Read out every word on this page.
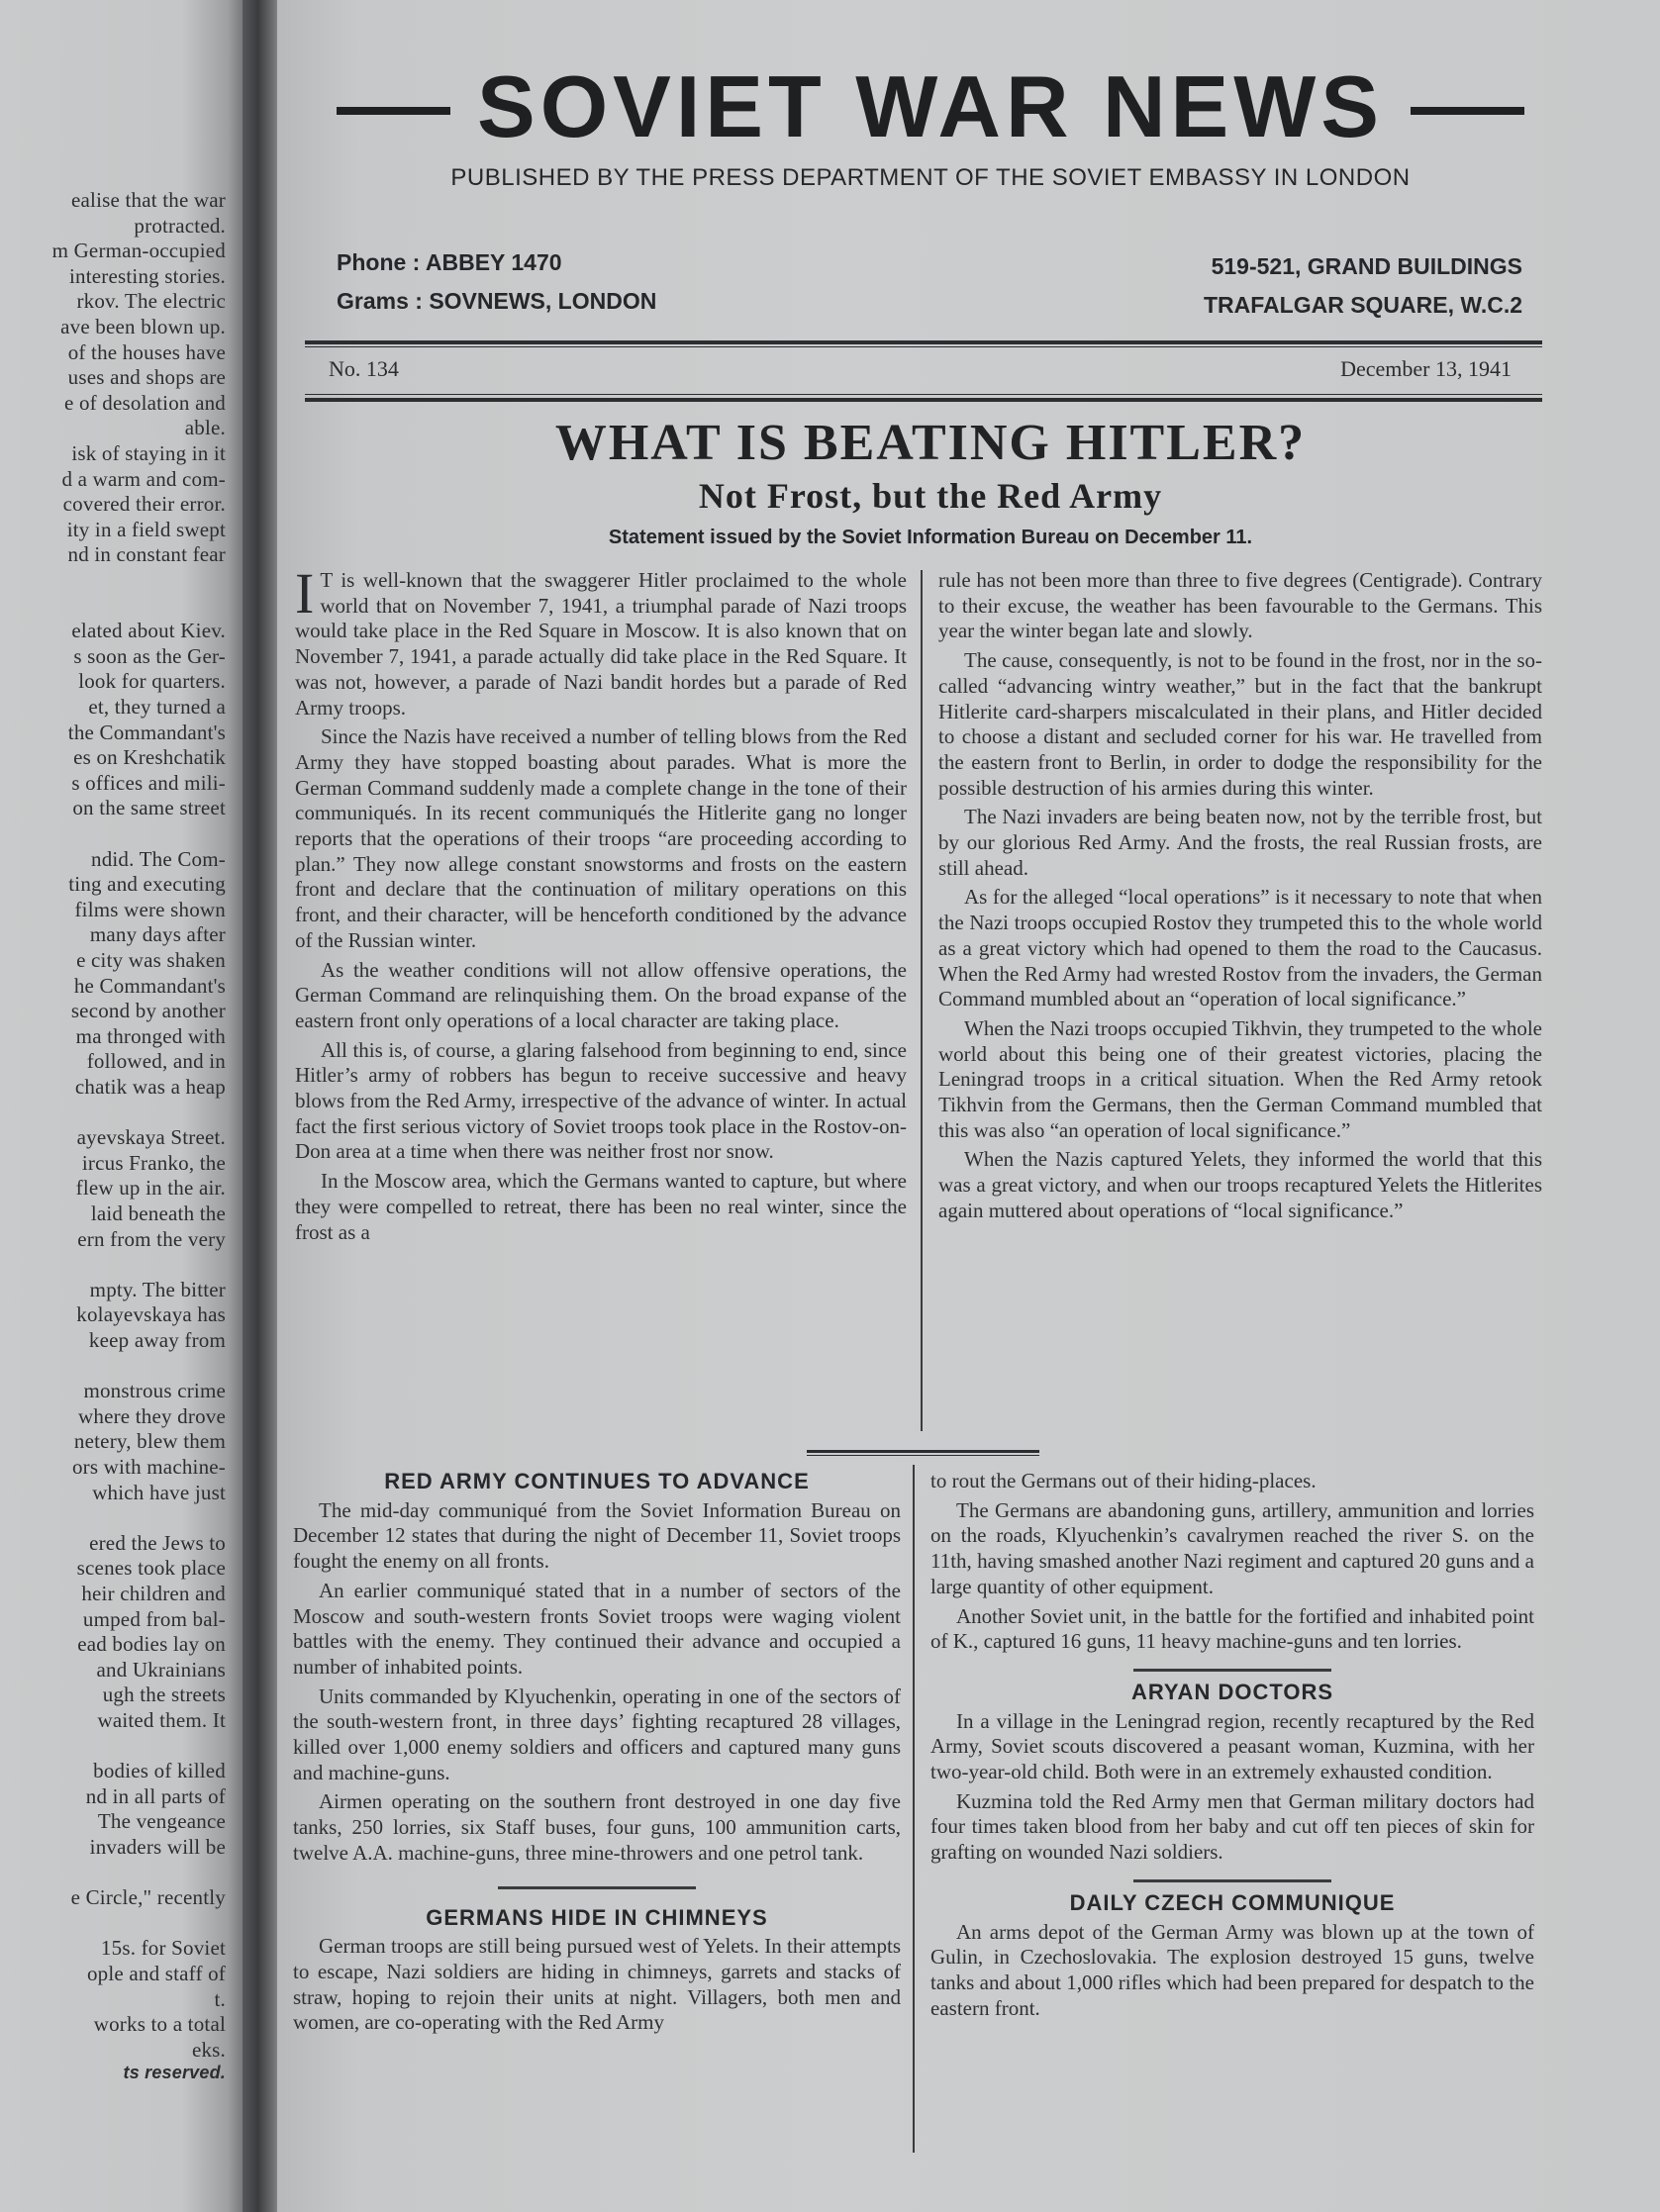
ealise that the war
protracted.
m German-occupied
interesting stories.
rkov. The electric
ave been blown up.
of the houses have
uses and shops are
e of desolation and
able.
isk of staying in it
d a warm and com-
covered their error.
ity in a field swept
nd in constant fear
elated about Kiev.
s soon as the Ger-
look for quarters.
et, they turned a
the Commandant's
es on Kreshchatik
s offices and mili-
on the same street
ndid. The Com-
ting and executing
films were shown
many days after
e city was shaken
he Commandant's
second by another
ma thronged with
followed, and in
chatik was a heap
ayevskaya Street.
ircus Franko, the
flew up in the air.
laid beneath the
ern from the very
mpty. The bitter
kolayevskaya has
keep away from
monstrous crime
where they drove
netery, blew them
ors with machine-
which have just
ered the Jews to
scenes took place
heir children and
umped from bal-
ead bodies lay on
and Ukrainians
ugh the streets
waited them. It
bodies of killed
nd in all parts of
The vengeance
invaders will be
e Circle," recently
15s. for Soviet
ople and staff of
t.
works to a total
eks.
ts reserved.
SOVIET WAR NEWS
PUBLISHED BY THE PRESS DEPARTMENT OF THE SOVIET EMBASSY IN LONDON
Phone : ABBEY 1470
Grams : SOVNEWS, LONDON
519-521, GRAND BUILDINGS
TRAFALGAR SQUARE, W.C.2
No. 134	December 13, 1941
WHAT IS BEATING HITLER?
Not Frost, but the Red Army
Statement issued by the Soviet Information Bureau on December 11.

I T is well-known that the swaggerer Hitler proclaimed to the whole world that on November 7, 1941, a triumphal parade of Nazi troops would take place in the Red Square in Moscow. It is also known that on November 7, 1941, a parade actually did take place in the Red Square. It was not, however, a parade of Nazi bandit hordes but a parade of Red Army troops.

Since the Nazis have received a number of telling blows from the Red Army they have stopped boasting about parades. What is more the German Command suddenly made a complete change in the tone of their communiqués. In its recent communiqués the Hitlerite gang no longer reports that the operations of their troops “are proceeding according to plan.” They now allege constant snowstorms and frosts on the eastern front and declare that the continuation of military operations on this front, and their character, will be henceforth conditioned by the advance of the Russian winter.

As the weather conditions will not allow offensive operations, the German Command are relinquishing them. On the broad expanse of the eastern front only operations of a local character are taking place.

All this is, of course, a glaring falsehood from beginning to end, since Hitler’s army of robbers has begun to receive successive and heavy blows from the Red Army, irrespective of the advance of winter. In actual fact the first serious victory of Soviet troops took place in the Rostov-on-Don area at a time when there was neither frost nor snow.

In the Moscow area, which the Germans wanted to capture, but where they were compelled to retreat, there has been no real winter, since the frost as a

rule has not been more than three to five degrees (Centigrade). Contrary to their excuse, the weather has been favourable to the Germans. This year the winter began late and slowly.

The cause, consequently, is not to be found in the frost, nor in the so-called “advancing wintry weather,” but in the fact that the bankrupt Hitlerite card-sharpers miscalculated in their plans, and Hitler decided to choose a distant and secluded corner for his war. He travelled from the eastern front to Berlin, in order to dodge the responsibility for the possible destruction of his armies during this winter.

The Nazi invaders are being beaten now, not by the terrible frost, but by our glorious Red Army. And the frosts, the real Russian frosts, are still ahead.

As for the alleged “local operations” is it necessary to note that when the Nazi troops occupied Rostov they trumpeted this to the whole world as a great victory which had opened to them the road to the Caucasus. When the Red Army had wrested Rostov from the invaders, the German Command mumbled about an “operation of local significance.”

When the Nazi troops occupied Tikhvin, they trumpeted to the whole world about this being one of their greatest victories, placing the Leningrad troops in a critical situation. When the Red Army retook Tikhvin from the Germans, then the German Command mumbled that this was also “an operation of local significance.”

When the Nazis captured Yelets, they informed the world that this was a great victory, and when our troops recaptured Yelets the Hitlerites again muttered about operations of “local significance.”

RED ARMY CONTINUES TO ADVANCE

The mid-day communiqué from the Soviet Information Bureau on December 12 states that during the night of December 11, Soviet troops fought the enemy on all fronts.

An earlier communiqué stated that in a number of sectors of the Moscow and south-western fronts Soviet troops were waging violent battles with the enemy. They continued their advance and occupied a number of inhabited points.

Units commanded by Klyuchenkin, operating in one of the sectors of the south-western front, in three days’ fighting recaptured 28 villages, killed over 1,000 enemy soldiers and officers and captured many guns and machine-guns.

Airmen operating on the southern front destroyed in one day five tanks, 250 lorries, six Staff buses, four guns, 100 ammunition carts, twelve A.A. machine-guns, three mine-throwers and one petrol tank.

GERMANS HIDE IN CHIMNEYS

German troops are still being pursued west of Yelets. In their attempts to escape, Nazi soldiers are hiding in chimneys, garrets and stacks of straw, hoping to rejoin their units at night. Villagers, both men and women, are co-operating with the Red Army

to rout the Germans out of their hiding-places.

The Germans are abandoning guns, artillery, ammunition and lorries on the roads, Klyuchenkin’s cavalrymen reached the river S. on the 11th, having smashed another Nazi regiment and captured 20 guns and a large quantity of other equipment.

Another Soviet unit, in the battle for the fortified and inhabited point of K., captured 16 guns, 11 heavy machine-guns and ten lorries.

ARYAN DOCTORS

In a village in the Leningrad region, recently recaptured by the Red Army, Soviet scouts discovered a peasant woman, Kuzmina, with her two-year-old child. Both were in an extremely exhausted condition.

Kuzmina told the Red Army men that German military doctors had four times taken blood from her baby and cut off ten pieces of skin for grafting on wounded Nazi soldiers.

DAILY CZECH COMMUNIQUE

An arms depot of the German Army was blown up at the town of Gulin, in Czechoslovakia. The explosion destroyed 15 guns, twelve tanks and about 1,000 rifles which had been prepared for despatch to the eastern front.
